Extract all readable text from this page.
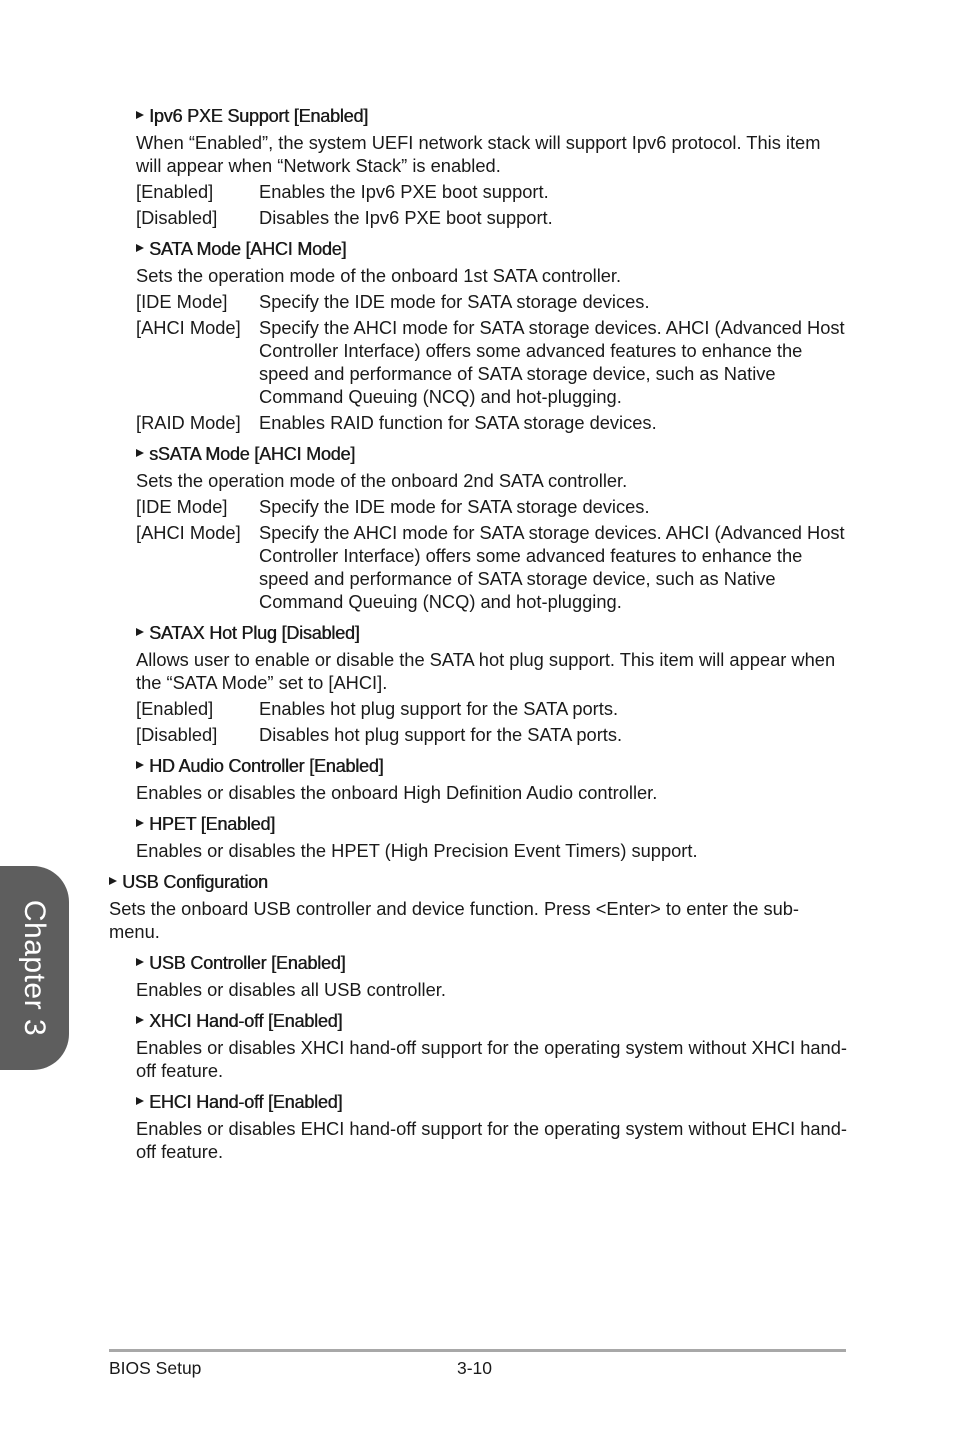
Ipv6 PXE Support [Enabled]
When “Enabled”, the system UEFI network stack will support Ipv6 protocol. This item will appear when “Network Stack” is enabled.
[Enabled]	Enables the Ipv6 PXE boot support.
[Disabled]	Disables the Ipv6 PXE boot support.
SATA Mode [AHCI Mode]
Sets the operation mode of the onboard 1st SATA controller.
[IDE Mode]	Specify the IDE mode for SATA storage devices.
[AHCI Mode]	Specify the AHCI mode for SATA storage devices. AHCI (Advanced Host Controller Interface) offers some advanced features to enhance the speed and performance of SATA storage device, such as Native Command Queuing (NCQ) and hot-plugging.
[RAID Mode]	Enables RAID function for SATA storage devices.
sSATA Mode [AHCI Mode]
Sets the operation mode of the onboard 2nd SATA controller.
[IDE Mode]	Specify the IDE mode for SATA storage devices.
[AHCI Mode]	Specify the AHCI mode for SATA storage devices. AHCI (Advanced Host Controller Interface) offers some advanced features to enhance the speed and performance of SATA storage device, such as Native Command Queuing (NCQ) and hot-plugging.
SATAX Hot Plug [Disabled]
Allows user to enable or disable the SATA hot plug support. This item will appear when the “SATA Mode” set to [AHCI].
[Enabled]	Enables hot plug support for the SATA ports.
[Disabled]	Disables hot plug support for the SATA ports.
HD Audio Controller [Enabled]
Enables or disables the onboard High Definition Audio controller.
HPET [Enabled]
Enables or disables the HPET (High Precision Event Timers) support.
USB Configuration
Sets the onboard USB controller and device function. Press <Enter> to enter the sub-menu.
USB Controller [Enabled]
Enables or disables all USB controller.
XHCI Hand-off [Enabled]
Enables or disables XHCI hand-off support for the operating system without XHCI hand-off feature.
EHCI Hand-off [Enabled]
Enables or disables EHCI hand-off support for the operating system without EHCI hand-off feature.
Chapter 3
BIOS Setup	3-10
